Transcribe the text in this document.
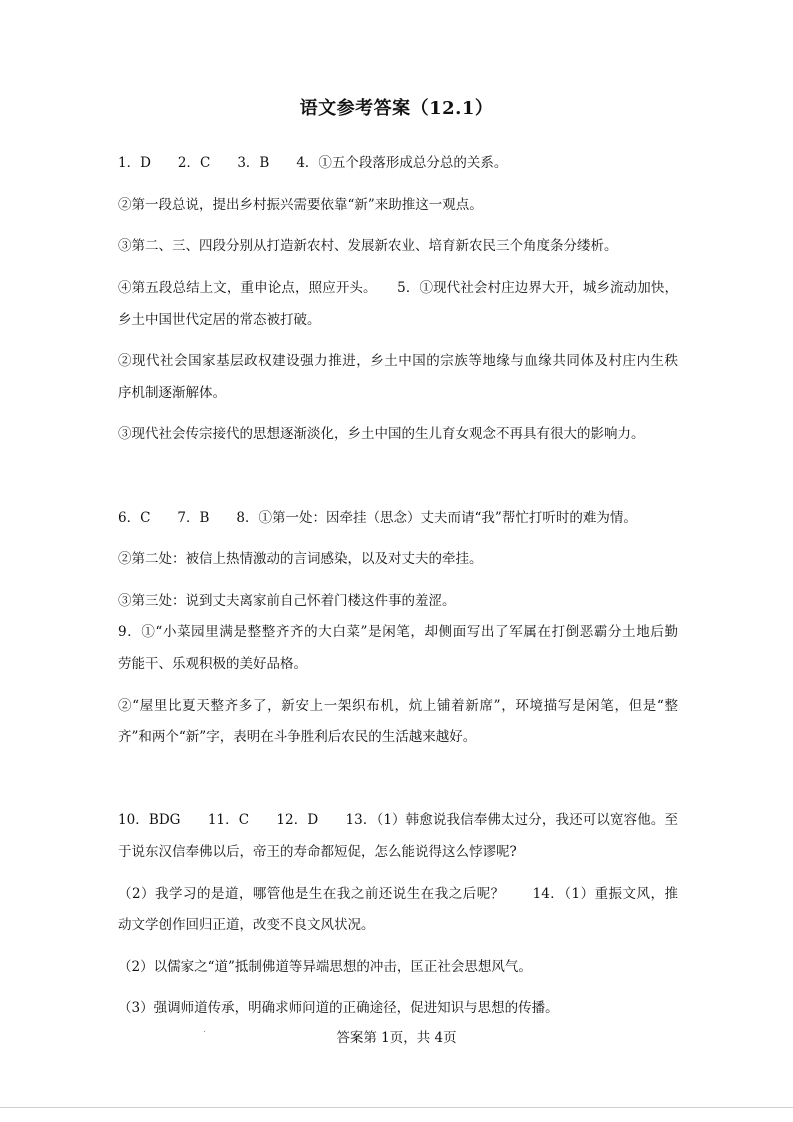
语文参考答案（12.1）
1．D　　2．C　　3．B　　4．①五个段落形成总分总的关系。
②第一段总说，提出乡村振兴需要依靠“新”来助推这一观点。
③第二、三、四段分别从打造新农村、发展新农业、培育新农民三个角度条分缕析。
④第五段总结上文，重申论点，照应开头。　　5．①现代社会村庄边界大开，城乡流动加快，
乡土中国世代定居的常态被打破。
②现代社会国家基层政权建设强力推进，乡土中国的宗族等地缘与血缘共同体及村庄内生秩
序机制逐渐解体。
③现代社会传宗接代的思想逐渐淡化，乡土中国的生儿育女观念不再具有很大的影响力。
6．C　　7．B　　8．①第一处：因牵挂（思念）丈夫而请“我”帮忙打听时的难为情。
②第二处：被信上热情激动的言词感染，以及对丈夫的牵挂。
③第三处：说到丈夫离家前自己怀着门楼这件事的羞涩。
9．①“小菜园里满是整整齐齐的大白菜”是闲笔，却侧面写出了军属在打倒恶霸分土地后勤
劳能干、乐观积极的美好品格。
②“屋里比夏天整齐多了，新安上一架织布机，炕上铺着新席”，环境描写是闲笔，但是“整
齐”和两个“新”字，表明在斗争胜利后农民的生活越来越好。
10．BDG　　11．C　　12．D　　13．（1）韩愈说我信奉佛太过分，我还可以宽容他。至
于说东汉信奉佛以后，帝王的寿命都短促，怎么能说得这么悖谬呢?
（2）我学习的是道，哪管他是生在我之前还说生在我之后呢？　　14．（1）重振文风，推
动文学创作回归正道，改变不良文风状况。
（2）以儒家之“道”抵制佛道等异端思想的冲击，匡正社会思想风气。
（3）强调师道传承，明确求师问道的正确途径，促进知识与思想的传播。
答案第 1页，共 4页
